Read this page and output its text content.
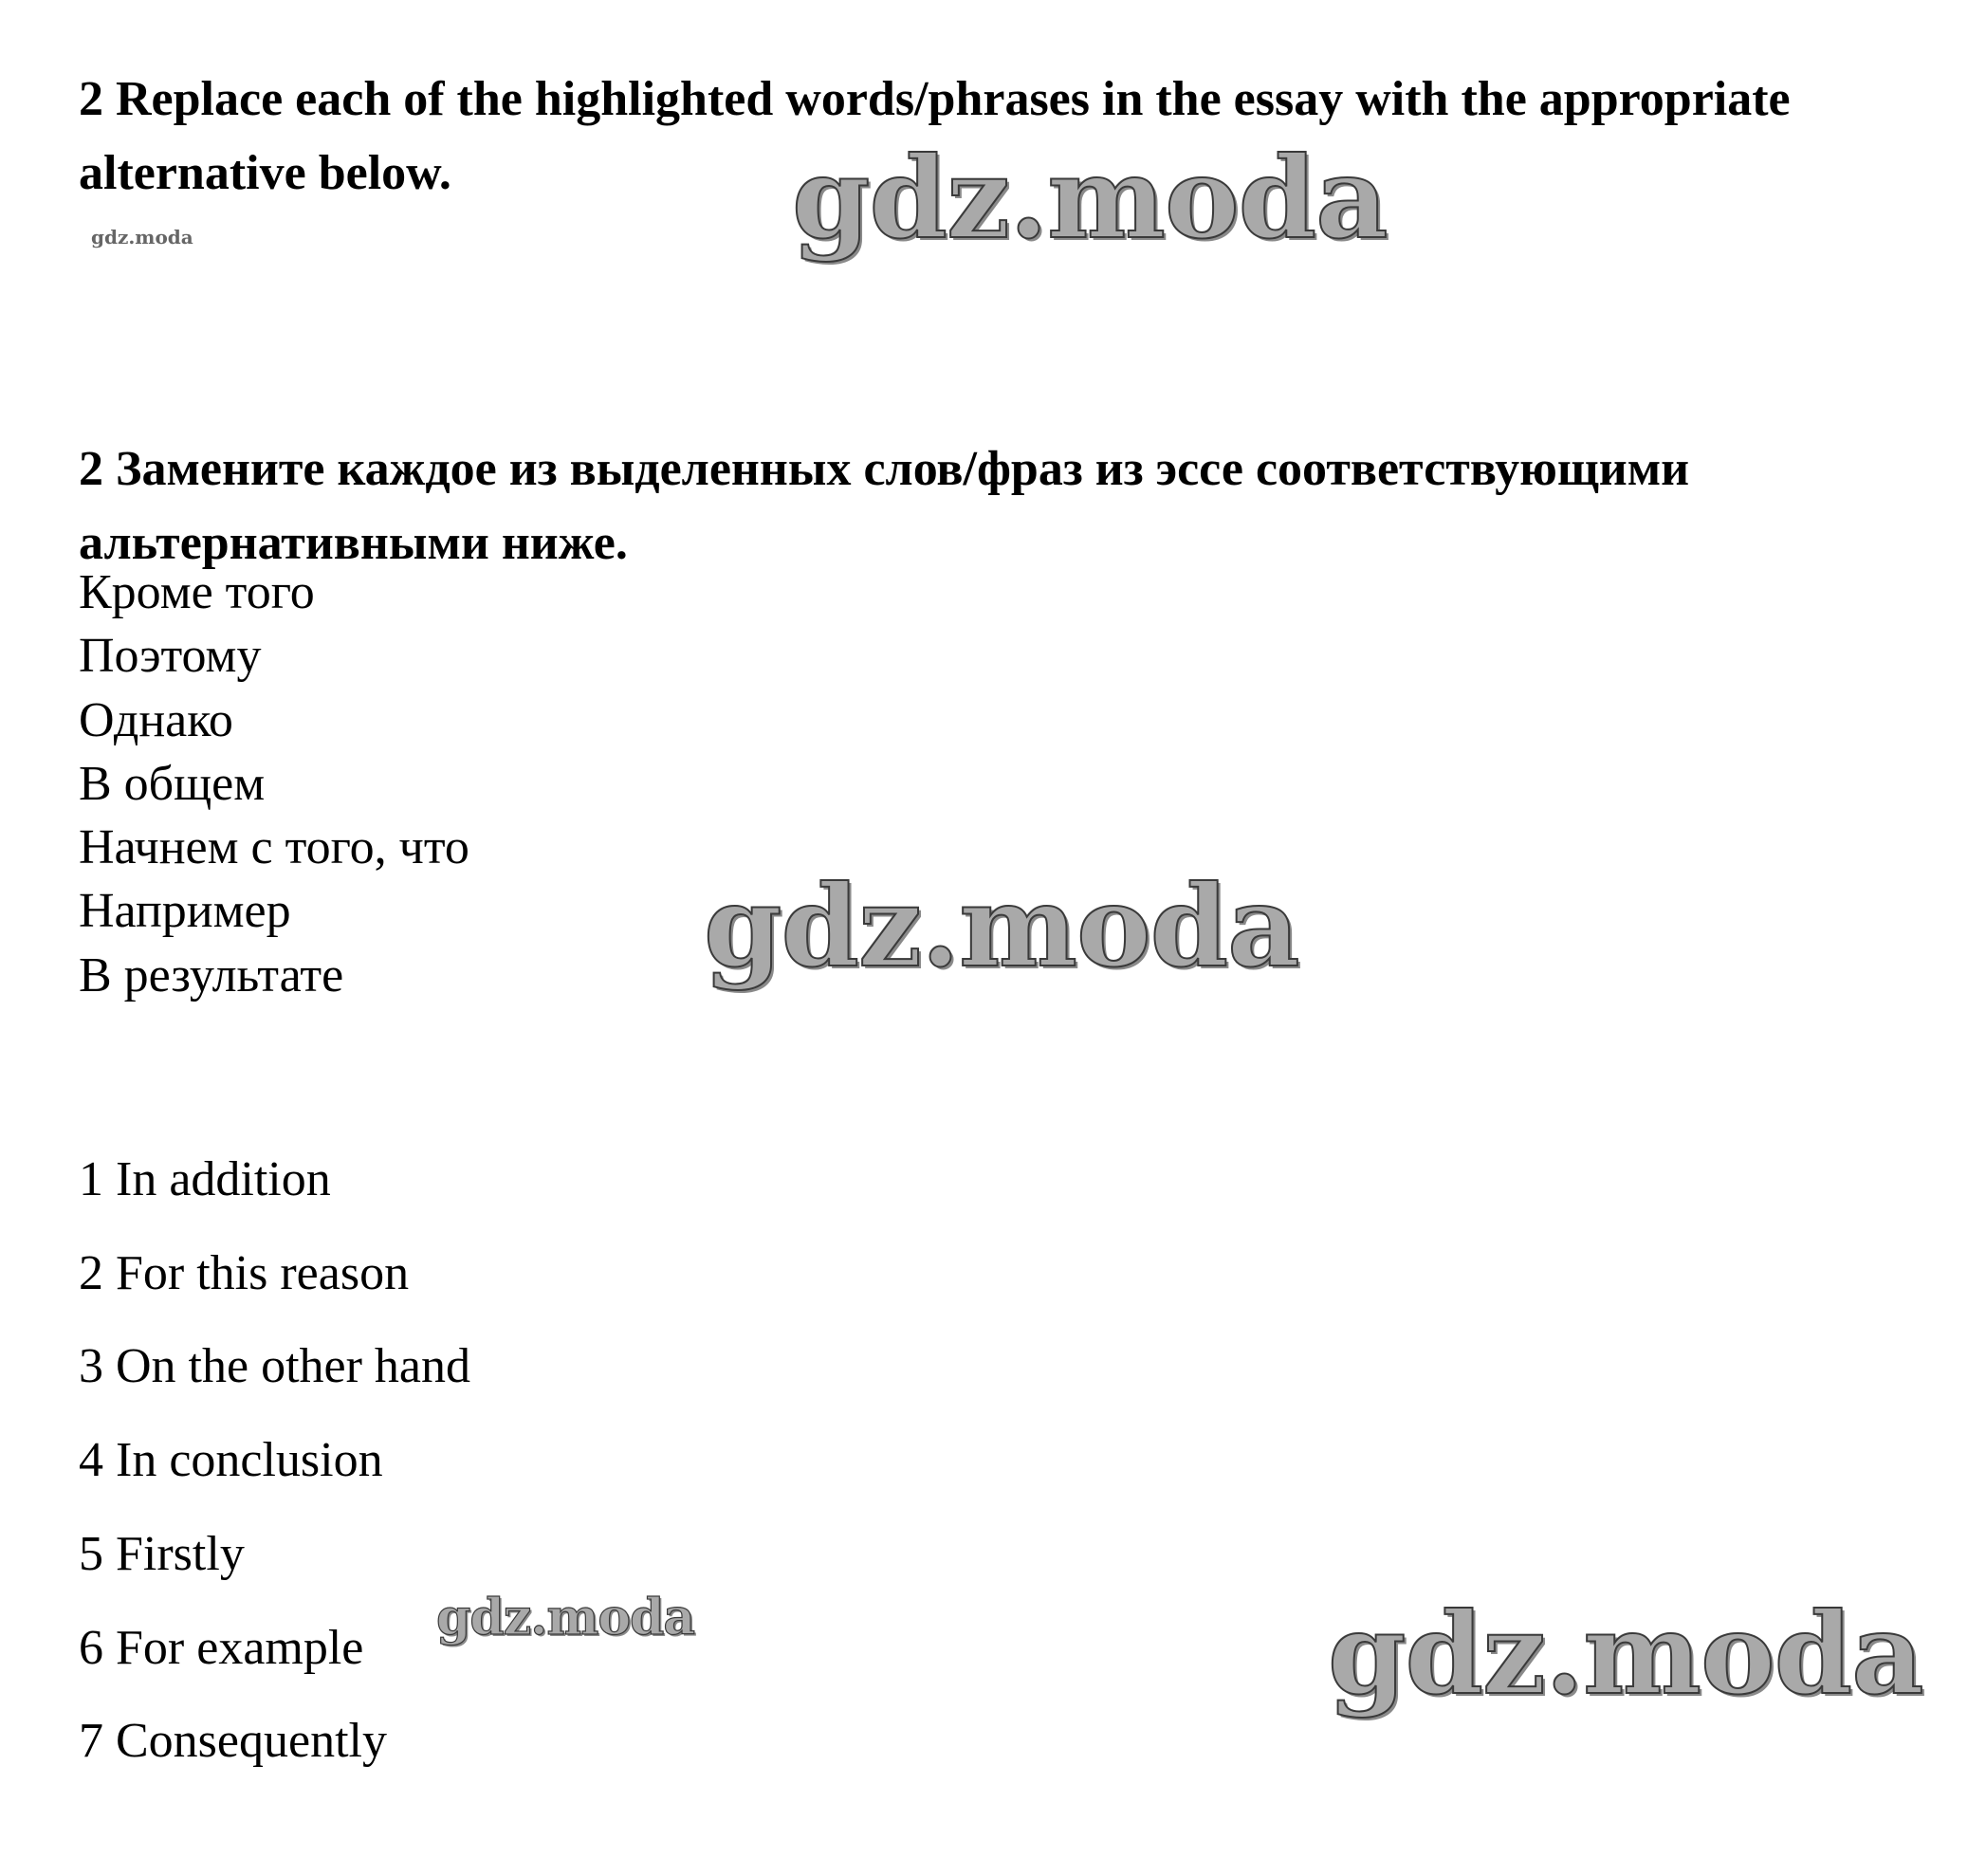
2 Replace each of the highlighted words/phrases in the essay with the appropriate alternative below.

2 Замените каждое из выделенных слов/фраз из эссе соответствующими альтернативными ниже.

Кроме того
Поэтому
Однако
В общем
Начнем с того, что
Например
В результате
1 In addition
2 For this reason
3 On the other hand
4 In conclusion
5 Firstly
6 For example
7 Consequently
gdz.moda
gdz.moda
gdz.moda
gdz.moda	gdz.moda
